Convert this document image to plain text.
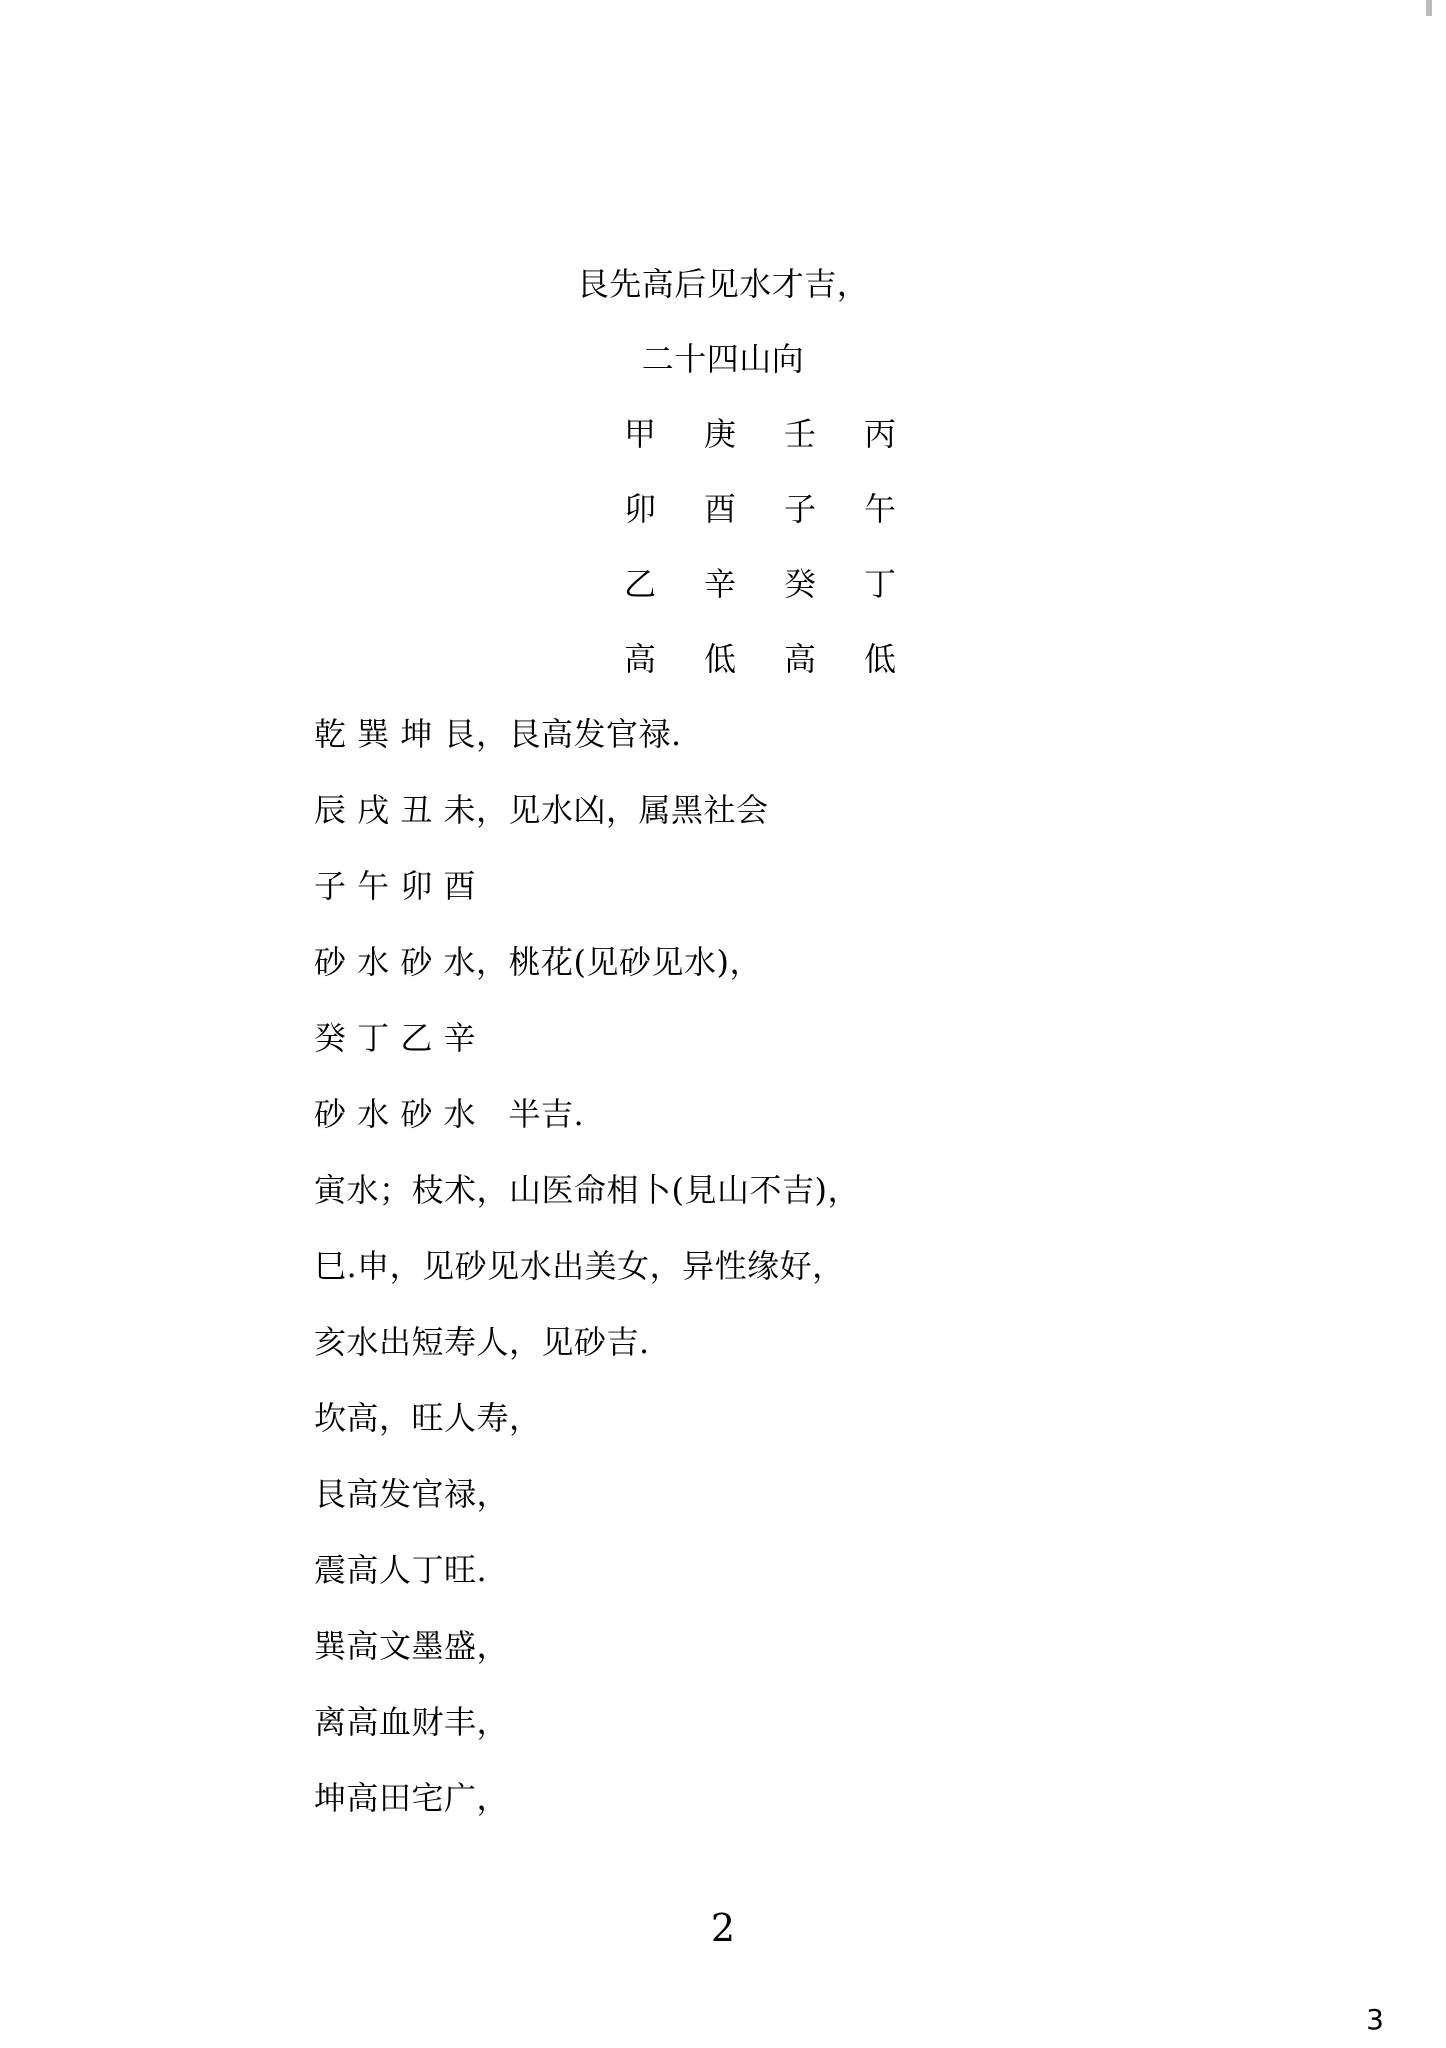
艮先高后见水才吉，
二十四山向
甲 庚 壬 丙
卯 酉 子 午
乙 辛 癸 丁
高 低 高 低
乾 巽 坤 艮，艮高发官禄.
辰 戌 丑 未，见水凶，属黑社会
子 午 卯 酉
砂 水 砂 水，桃花(见砂见水)，
癸 丁 乙 辛
砂 水 砂 水　半吉.
寅水；枝术，山医命相卜(見山不吉)，
巳.申，见砂见水出美女，异性缘好，
亥水出短寿人，见砂吉.
坎高，旺人寿，
艮高发官禄，
震高人丁旺.
巽高文墨盛，
离高血财丰，
坤高田宅广，
2
3
